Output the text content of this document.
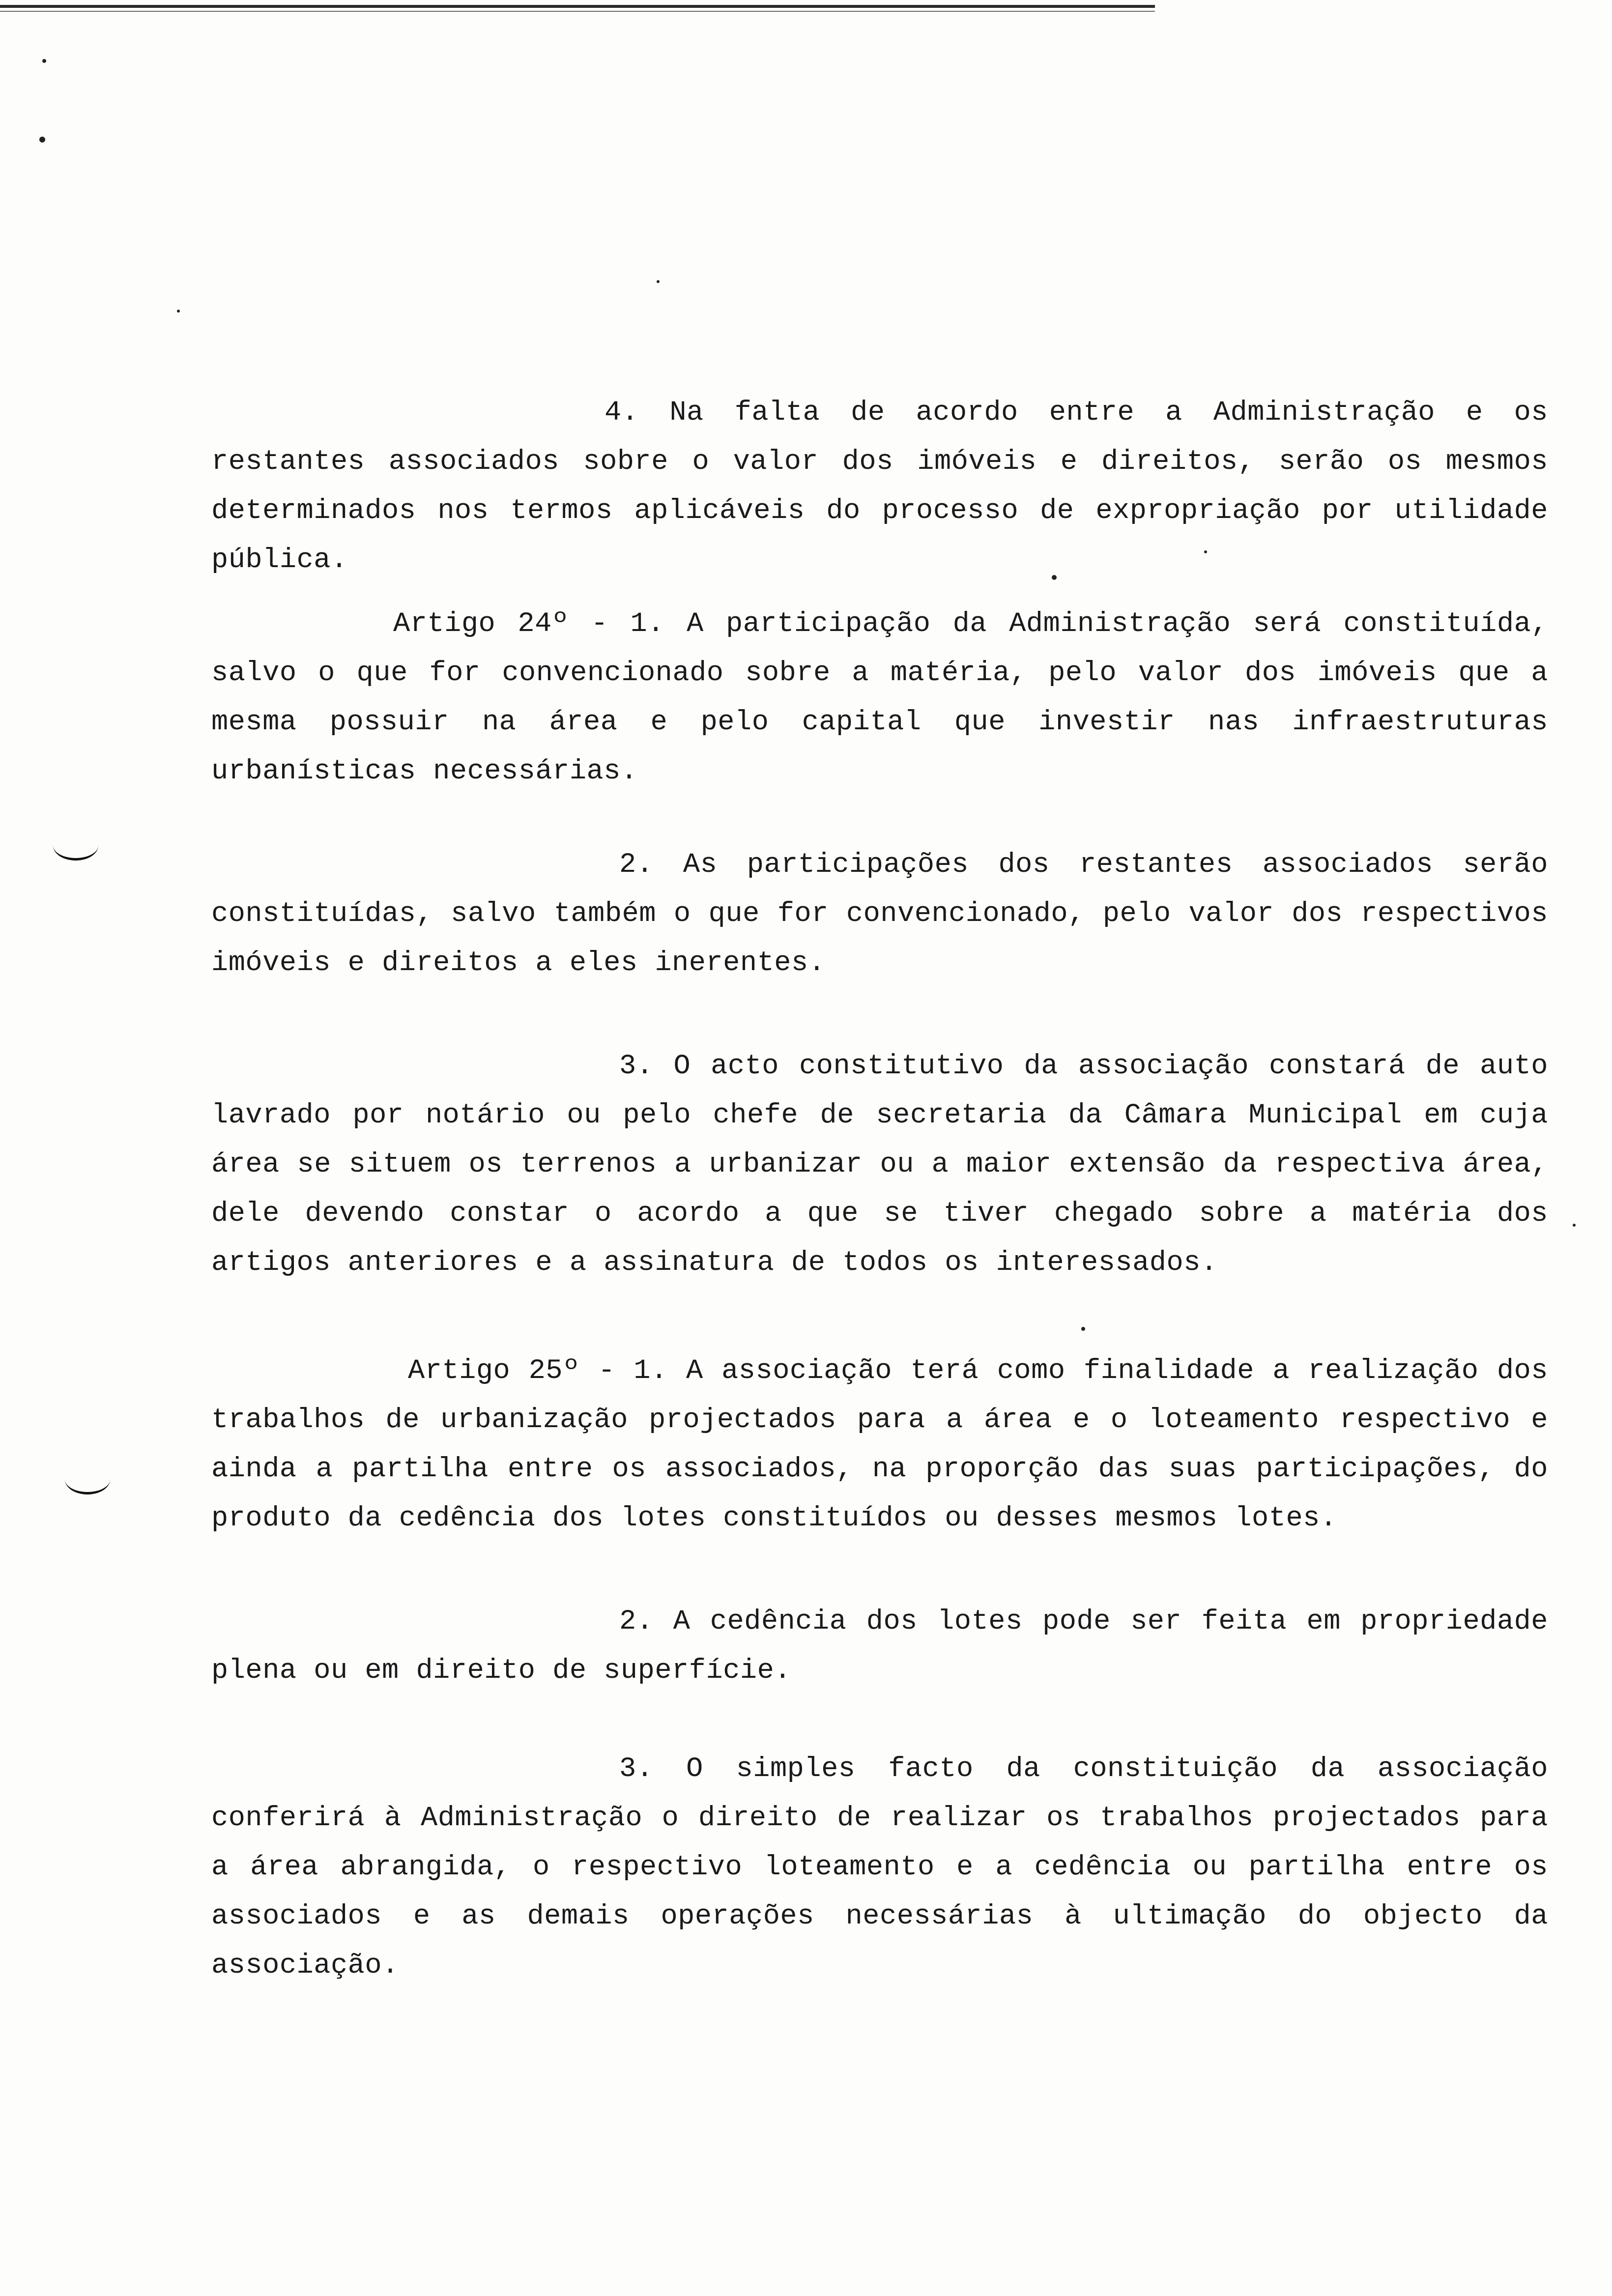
4. Na falta de acordo entre a Administração e os restantes associados sobre o valor dos imóveis e direitos, serão os mesmos determinados nos termos aplicáveis do processo de expropriação por utilidade pública.

Artigo 24º - 1. A participação da Administração será constituída, salvo o que for convencionado sobre a matéria, pelo valor dos imóveis que a mesma possuir na área e pelo capital que investir nas infraestruturas urbanísticas necessárias.

2. As participações dos restantes associados serão constituídas, salvo também o que for convencionado, pelo valor dos respectivos imóveis e direitos a eles inerentes.

3. O acto constitutivo da associação constará de auto lavrado por notário ou pelo chefe de secretaria da Câmara Municipal em cuja área se situem os terrenos a urbanizar ou a maior extensão da respectiva área, dele devendo constar o acordo a que se tiver chegado sobre a matéria dos artigos anteriores e a assinatura de todos os interessados.

Artigo 25º - 1. A associação terá como finalidade a realização dos trabalhos de urbanização projectados para a área e o loteamento respectivo e ainda a partilha entre os associados, na proporção das suas participações, do produto da cedência dos lotes constituídos ou desses mesmos lotes.

2. A cedência dos lotes pode ser feita em propriedade plena ou em direito de superfície.

3. O simples facto da constituição da associação conferirá à Administração o direito de realizar os trabalhos projectados para a área abrangida, o respectivo loteamento e a cedência ou partilha entre os associados e as demais operações necessárias à ultimação do objecto da associação.
